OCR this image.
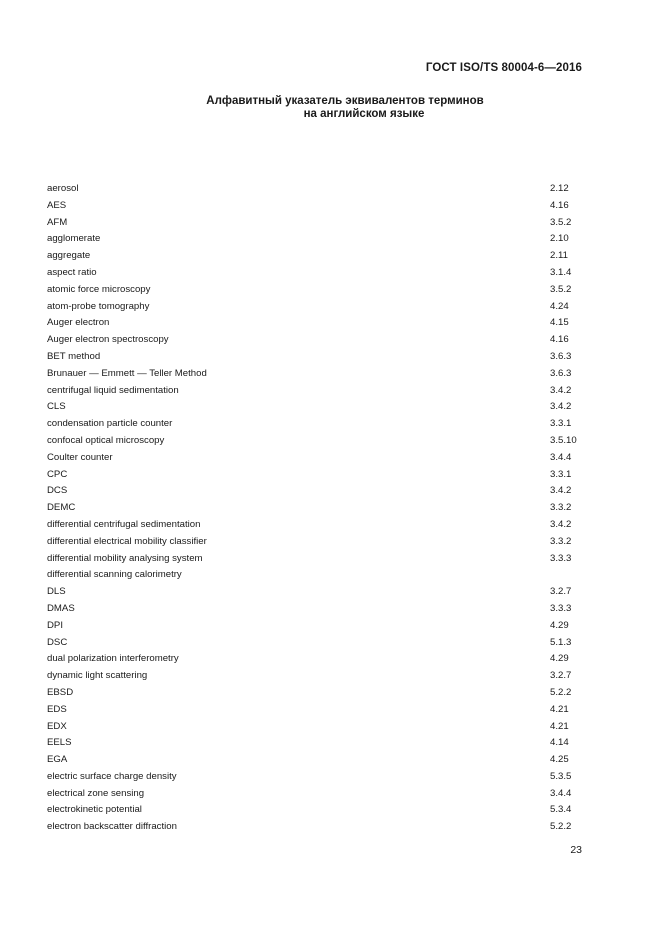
ГОСТ ISO/TS 80004-6—2016
Алфавитный указатель эквивалентов терминов
на английском языке
aerosol	2.12
AES	4.16
AFM	3.5.2
agglomerate	2.10
aggregate	2.11
aspect ratio	3.1.4
atomic force microscopy	3.5.2
atom-probe tomography	4.24
Auger electron	4.15
Auger electron spectroscopy	4.16
BET method	3.6.3
Brunauer — Emmett — Teller Method	3.6.3
centrifugal liquid sedimentation	3.4.2
CLS	3.4.2
condensation particle counter	3.3.1
confocal optical microscopy	3.5.10
Coulter counter	3.4.4
CPC	3.3.1
DCS	3.4.2
DEMC	3.3.2
differential centrifugal sedimentation	3.4.2
differential electrical mobility classifier	3.3.2
differential mobility analysing system	3.3.3
differential scanning calorimetry
DLS	3.2.7
DMAS	3.3.3
DPI	4.29
DSC	5.1.3
dual polarization interferometry	4.29
dynamic light scattering	3.2.7
EBSD	5.2.2
EDS	4.21
EDX	4.21
EELS	4.14
EGA	4.25
electric surface charge density	5.3.5
electrical zone sensing	3.4.4
electrokinetic potential	5.3.4
electron backscatter diffraction	5.2.2
23
